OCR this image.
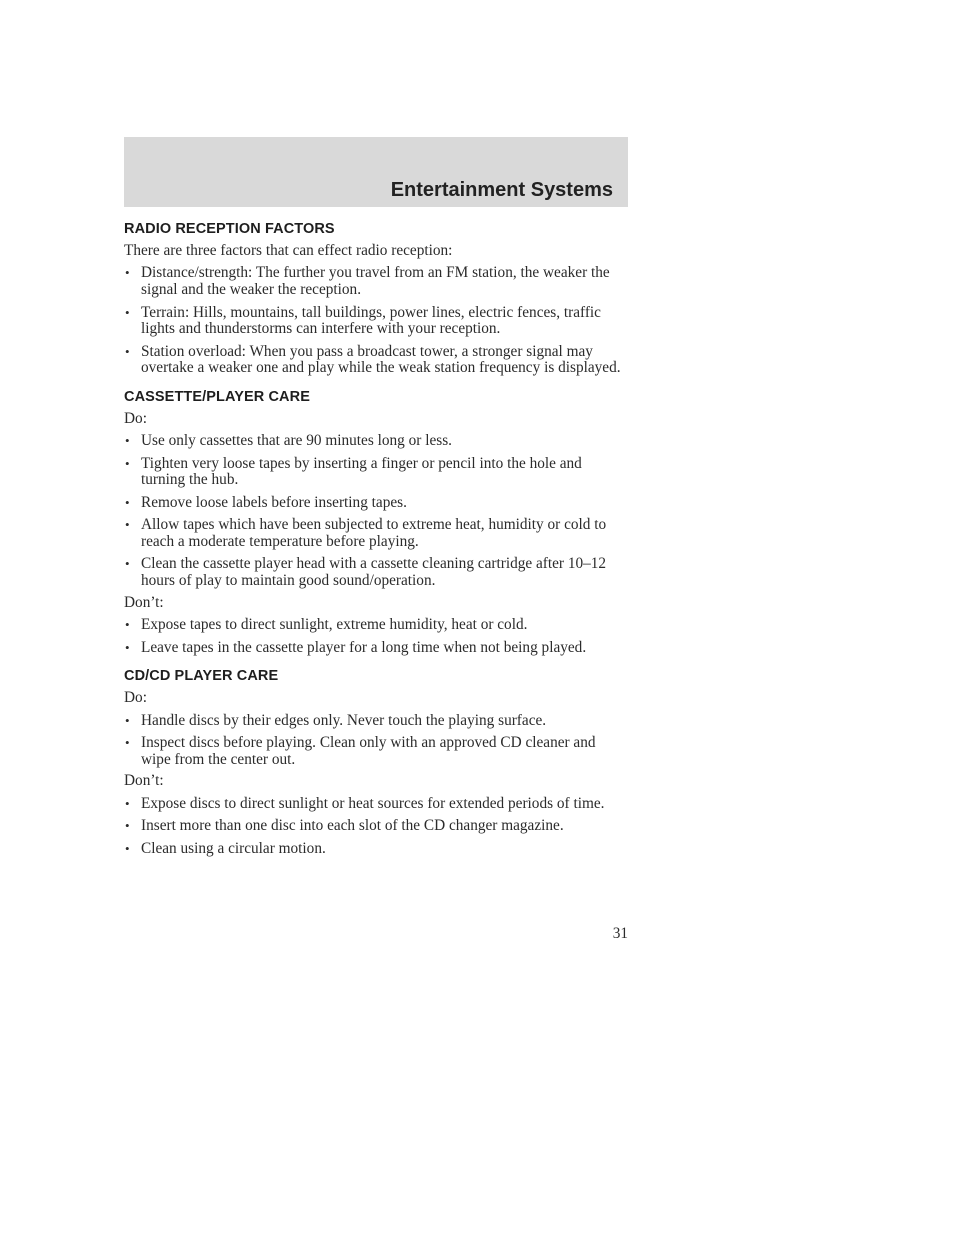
Entertainment Systems
RADIO RECEPTION FACTORS

There are three factors that can effect radio reception:

• Distance/strength: The further you travel from an FM station, the weaker the signal and the weaker the reception.
• Terrain: Hills, mountains, tall buildings, power lines, electric fences, traffic lights and thunderstorms can interfere with your reception.
• Station overload: When you pass a broadcast tower, a stronger signal may overtake a weaker one and play while the weak station frequency is displayed.
CASSETTE/PLAYER CARE

Do:

• Use only cassettes that are 90 minutes long or less.
• Tighten very loose tapes by inserting a finger or pencil into the hole and turning the hub.
• Remove loose labels before inserting tapes.
• Allow tapes which have been subjected to extreme heat, humidity or cold to reach a moderate temperature before playing.
• Clean the cassette player head with a cassette cleaning cartridge after 10–12 hours of play to maintain good sound/operation.

Don’t:

• Expose tapes to direct sunlight, extreme humidity, heat or cold.
• Leave tapes in the cassette player for a long time when not being played.
CD/CD PLAYER CARE

Do:

• Handle discs by their edges only. Never touch the playing surface.
• Inspect discs before playing. Clean only with an approved CD cleaner and wipe from the center out.

Don’t:

• Expose discs to direct sunlight or heat sources for extended periods of time.
• Insert more than one disc into each slot of the CD changer magazine.
• Clean using a circular motion.
31
